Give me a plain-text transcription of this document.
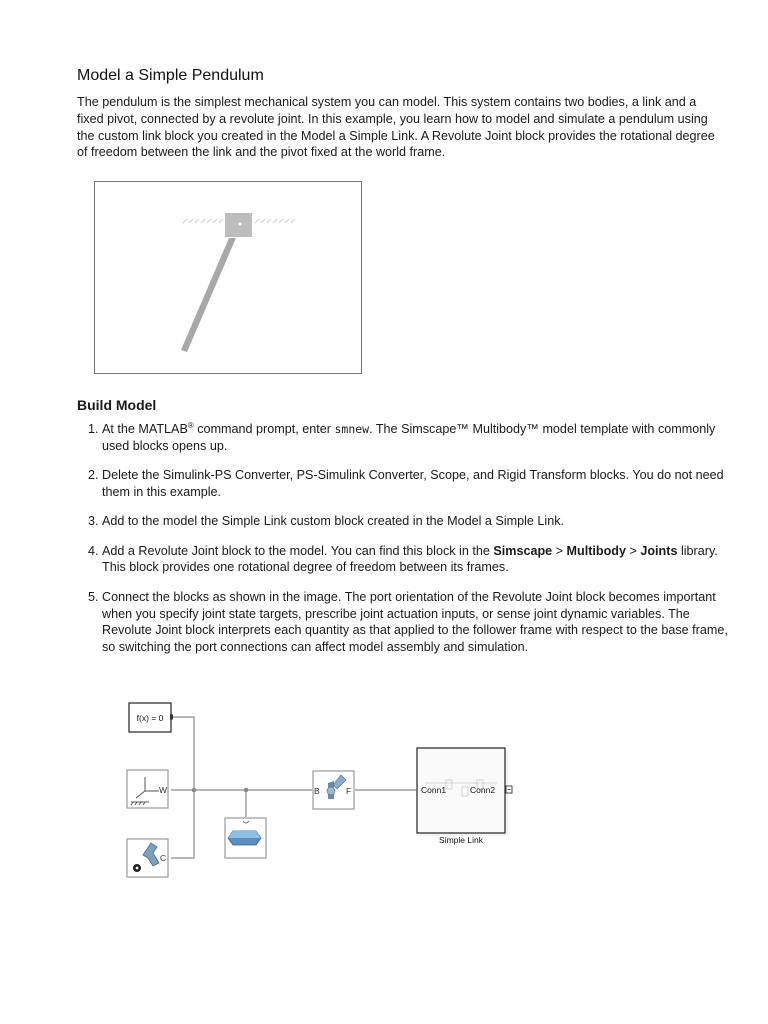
Model a Simple Pendulum

The pendulum is the simplest mechanical system you can model. This system contains two bodies, a link and a fixed pivot, connected by a revolute joint. In this example, you learn how to model and simulate a pendulum using the custom link block you created in the Model a Simple Link. A Revolute Joint block provides the rotational degree of freedom between the link and the pivot fixed at the world frame.

Build Model
1. At the MATLAB® command prompt, enter smnew. The Simscape™ Multibody™ model template with commonly used blocks opens up.
2. Delete the Simulink-PS Converter, PS-Simulink Converter, Scope, and Rigid Transform blocks. You do not need them in this example.
3. Add to the model the Simple Link custom block created in the Model a Simple Link.
4. Add a Revolute Joint block to the model. You can find this block in the Simscape > Multibody > Joints library. This block provides one rotational degree of freedom between its frames.
5. Connect the blocks as shown in the image. The port orientation of the Revolute Joint block becomes important when you specify joint state targets, prescribe joint actuation inputs, or sense joint dynamic variables. The Revolute Joint block interprets each quantity as that applied to the follower frame with respect to the base frame, so switching the port connections can affect model assembly and simulation.
f(x) = 0
W
C
B	F	Conn1	Conn2
Simple Link
